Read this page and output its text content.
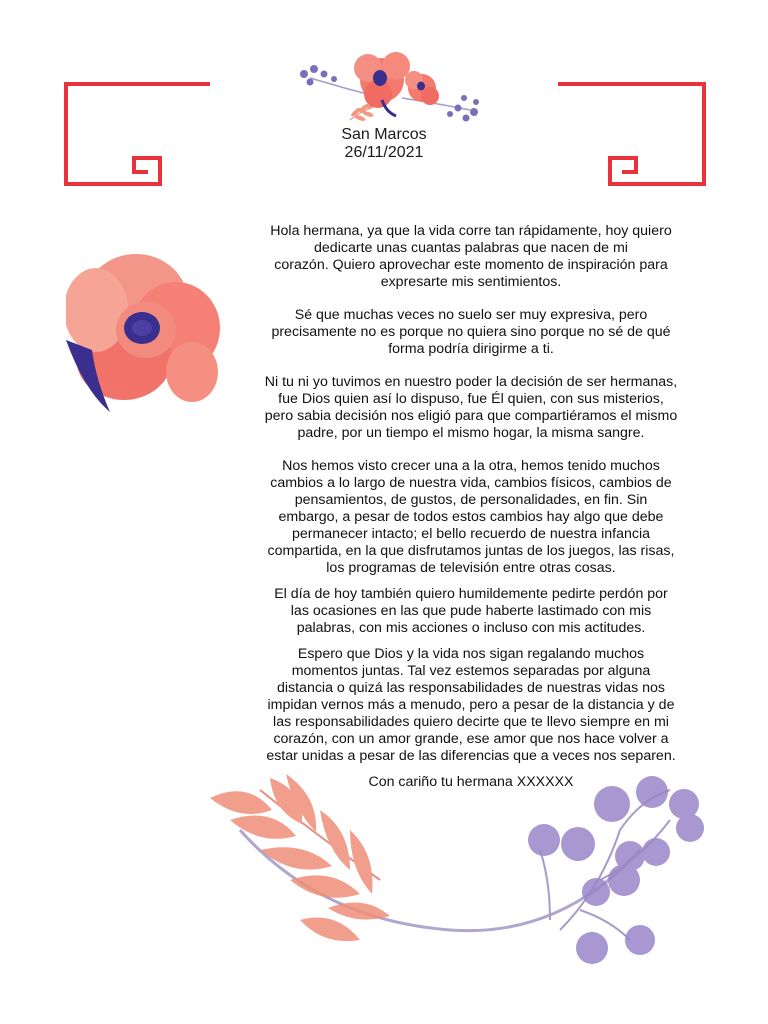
San Marcos
26/11/2021

Hola hermana, ya que la vida corre tan rápidamente, hoy quiero
dedicarte unas cuantas palabras que nacen de mi
corazón. Quiero aprovechar este momento de inspiración para
expresarte mis sentimientos.

Sé que muchas veces no suelo ser muy expresiva, pero
precisamente no es porque no quiera sino porque no sé de qué
forma podría dirigirme a ti.

Ni tu ni yo tuvimos en nuestro poder la decisión de ser hermanas,
fue Dios quien así lo dispuso, fue Él quien, con sus misterios,
pero sabia decisión nos eligió para que compartiéramos el mismo
padre, por un tiempo el mismo hogar, la misma sangre.

Nos hemos visto crecer una a la otra, hemos tenido muchos
cambios a lo largo de nuestra vida, cambios físicos, cambios de
pensamientos, de gustos, de personalidades, en fin. Sin
embargo, a pesar de todos estos cambios hay algo que debe
permanecer intacto; el bello recuerdo de nuestra infancia
compartida, en la que disfrutamos juntas de los juegos, las risas,
los programas de televisión entre otras cosas.

El día de hoy también quiero humildemente pedirte perdón por
las ocasiones en las que pude haberte lastimado con mis
palabras, con mis acciones o incluso con mis actitudes.

Espero que Dios y la vida nos sigan regalando muchos
momentos juntas. Tal vez estemos separadas por alguna
distancia o quizá las responsabilidades de nuestras vidas nos
impidan vernos más a menudo, pero a pesar de la distancia y de
las responsabilidades quiero decirte que te llevo siempre en mi
corazón, con un amor grande, ese amor que nos hace volver a
estar unidas a pesar de las diferencias que a veces nos separen.

Con cariño tu hermana XXXXXX
